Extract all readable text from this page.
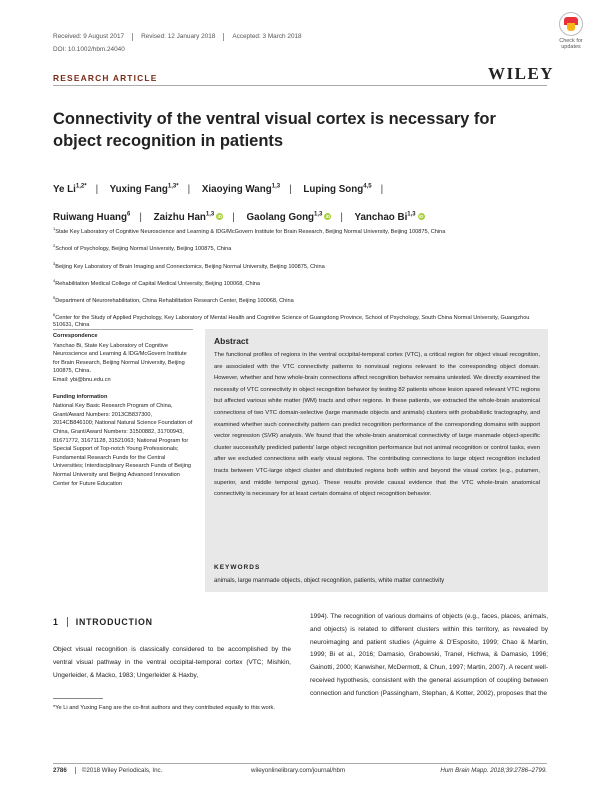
Received: 9 August 2017	Revised: 12 January 2018	Accepted: 3 March 2018
DOI: 10.1002/hbm.24040
Check for updates
RESEARCH ARTICLE	WILEY
Connectivity of the ventral visual cortex is necessary for object recognition in patients
Ye $Li^{1,2*}$ | Yuxing Fang$^{1,3*}$ | Xiaoying Wang$^{1,3}$ | Luping Song$^{4,5}$ |
Ruiwang Huang$^6$ | Zaizhu Han$^{1,3}$ iD | Gaolang Gong$^{1,3}$ iD | Yanchao Bi$^{1,3}$ iD
$^1$State Key Laboratory of Cognitive Neuroscience and Learning & IDG/McGovern Institute for Brain Research, Beijing Normal University, Beijing 100875, China
$^2$School of Psychology, Beijing Normal University, Beijing 100875, China
$^3$Beijing Key Laboratory of Brain Imaging and Connectomics, Beijing Normal University, Beijing 100875, China
$^4$Rehabilitation Medical College of Capital Medical University, Beijing 100068, China
$^5$Department of Neurorehabilitation, China Rehabilitation Research Center, Beijing 100068, China
$^6$Center for the Study of Applied Psychology, Key Laboratory of Mental Health and Cognitive Science of Guangdong Province, School of Psychology, South China Normal University, Guangzhou 510631, China
Correspondence
Yanchao Bi, State Key Laboratory of Cognitive Neuroscience and Learning & IDG/McGovern Institute for Brain Research, Beijing Normal University, Beijing 100875, China.
Email: ybi@bnu.edu.cn
Funding information
National Key Basic Research Program of China, Grant/Award Numbers: 2013CB837300, 2014CB846100; National Natural Science Foundation of China, Grant/Award Numbers: 31500882, 31700943, 81671772, 31671128, 31521063; National Program for Special Support of Top-notch Young Professionals; Fundamental Research Funds for the Central Universities; Interdisciplinary Research Funds of Beijing Normal University and Beijing Advanced Innovation Center for Future Education
Abstract
The functional profiles of regions in the ventral occipital-temporal cortex (VTC), a critical region for object visual recognition, are associated with the VTC connectivity patterns to nonvisual regions relevant to the corresponding object domain. However, whether and how whole-brain connections affect recognition behavior remains untested. We directly examined the necessity of VTC connectivity in object recognition behavior by testing 82 patients whose lesion spared relevant VTC regions but affected various white matter (WM) tracts and other regions. In these patients, we extracted the whole-brain anatomical connections of two VTC domain-selective (large manmade objects and animals) clusters with probabilistic tractography, and examined whether such connectivity pattern can predict recognition performance of the corresponding domains with support vector regression (SVR) analysis. We found that the whole-brain anatomical connectivity of large manmade object-specific cluster successfully predicted patients' large object recognition performance but not animal recognition or control tasks, even after we excluded connections with early visual regions. The contributing connections to large object recognition included tracts between VTC-large object cluster and distributed regions both within and beyond the visual cortex (e.g., putamen, superior, and middle temporal gyrus). These results provide causal evidence that the VTC whole-brain anatomical connectivity is necessary for at least certain domains of object recognition behavior.
KEYWORDS
animals, large manmade objects, object recognition, patients, white matter connectivity
1 INTRODUCTION
Object visual recognition is classically considered to be accomplished by the ventral visual pathway in the ventral occipital-temporal cortex (VTC; Mishkin, Ungerleider, & Macko, 1983; Ungerleider & Haxby,
1994). The recognition of various domains of objects (e.g., faces, places, animals, and objects) is related to different clusters within this territory, as revealed by neuroimaging and patient studies (Aguirre & D'Esposito, 1999; Chao & Martin, 1999; Bi et al., 2016; Damasio, Grabowski, Tranel, Hichwa, & Damasio, 1996; Gainotti, 2000; Kanwisher, McDermott, & Chun, 1997; Martin, 2007). A recent well-received hypothesis, consistent with the general assumption of coupling between connection and function (Passingham, Stephan, & Kotter, 2002), proposes that the
*Ye Li and Yuxing Fang are the co-first authors and they contributed equally to this work.
2786 ©2018 Wiley Periodicals, Inc.	wileyonlinelibrary.com/journal/hbm	Hum Brain Mapp. 2018;39:2786–2799.
